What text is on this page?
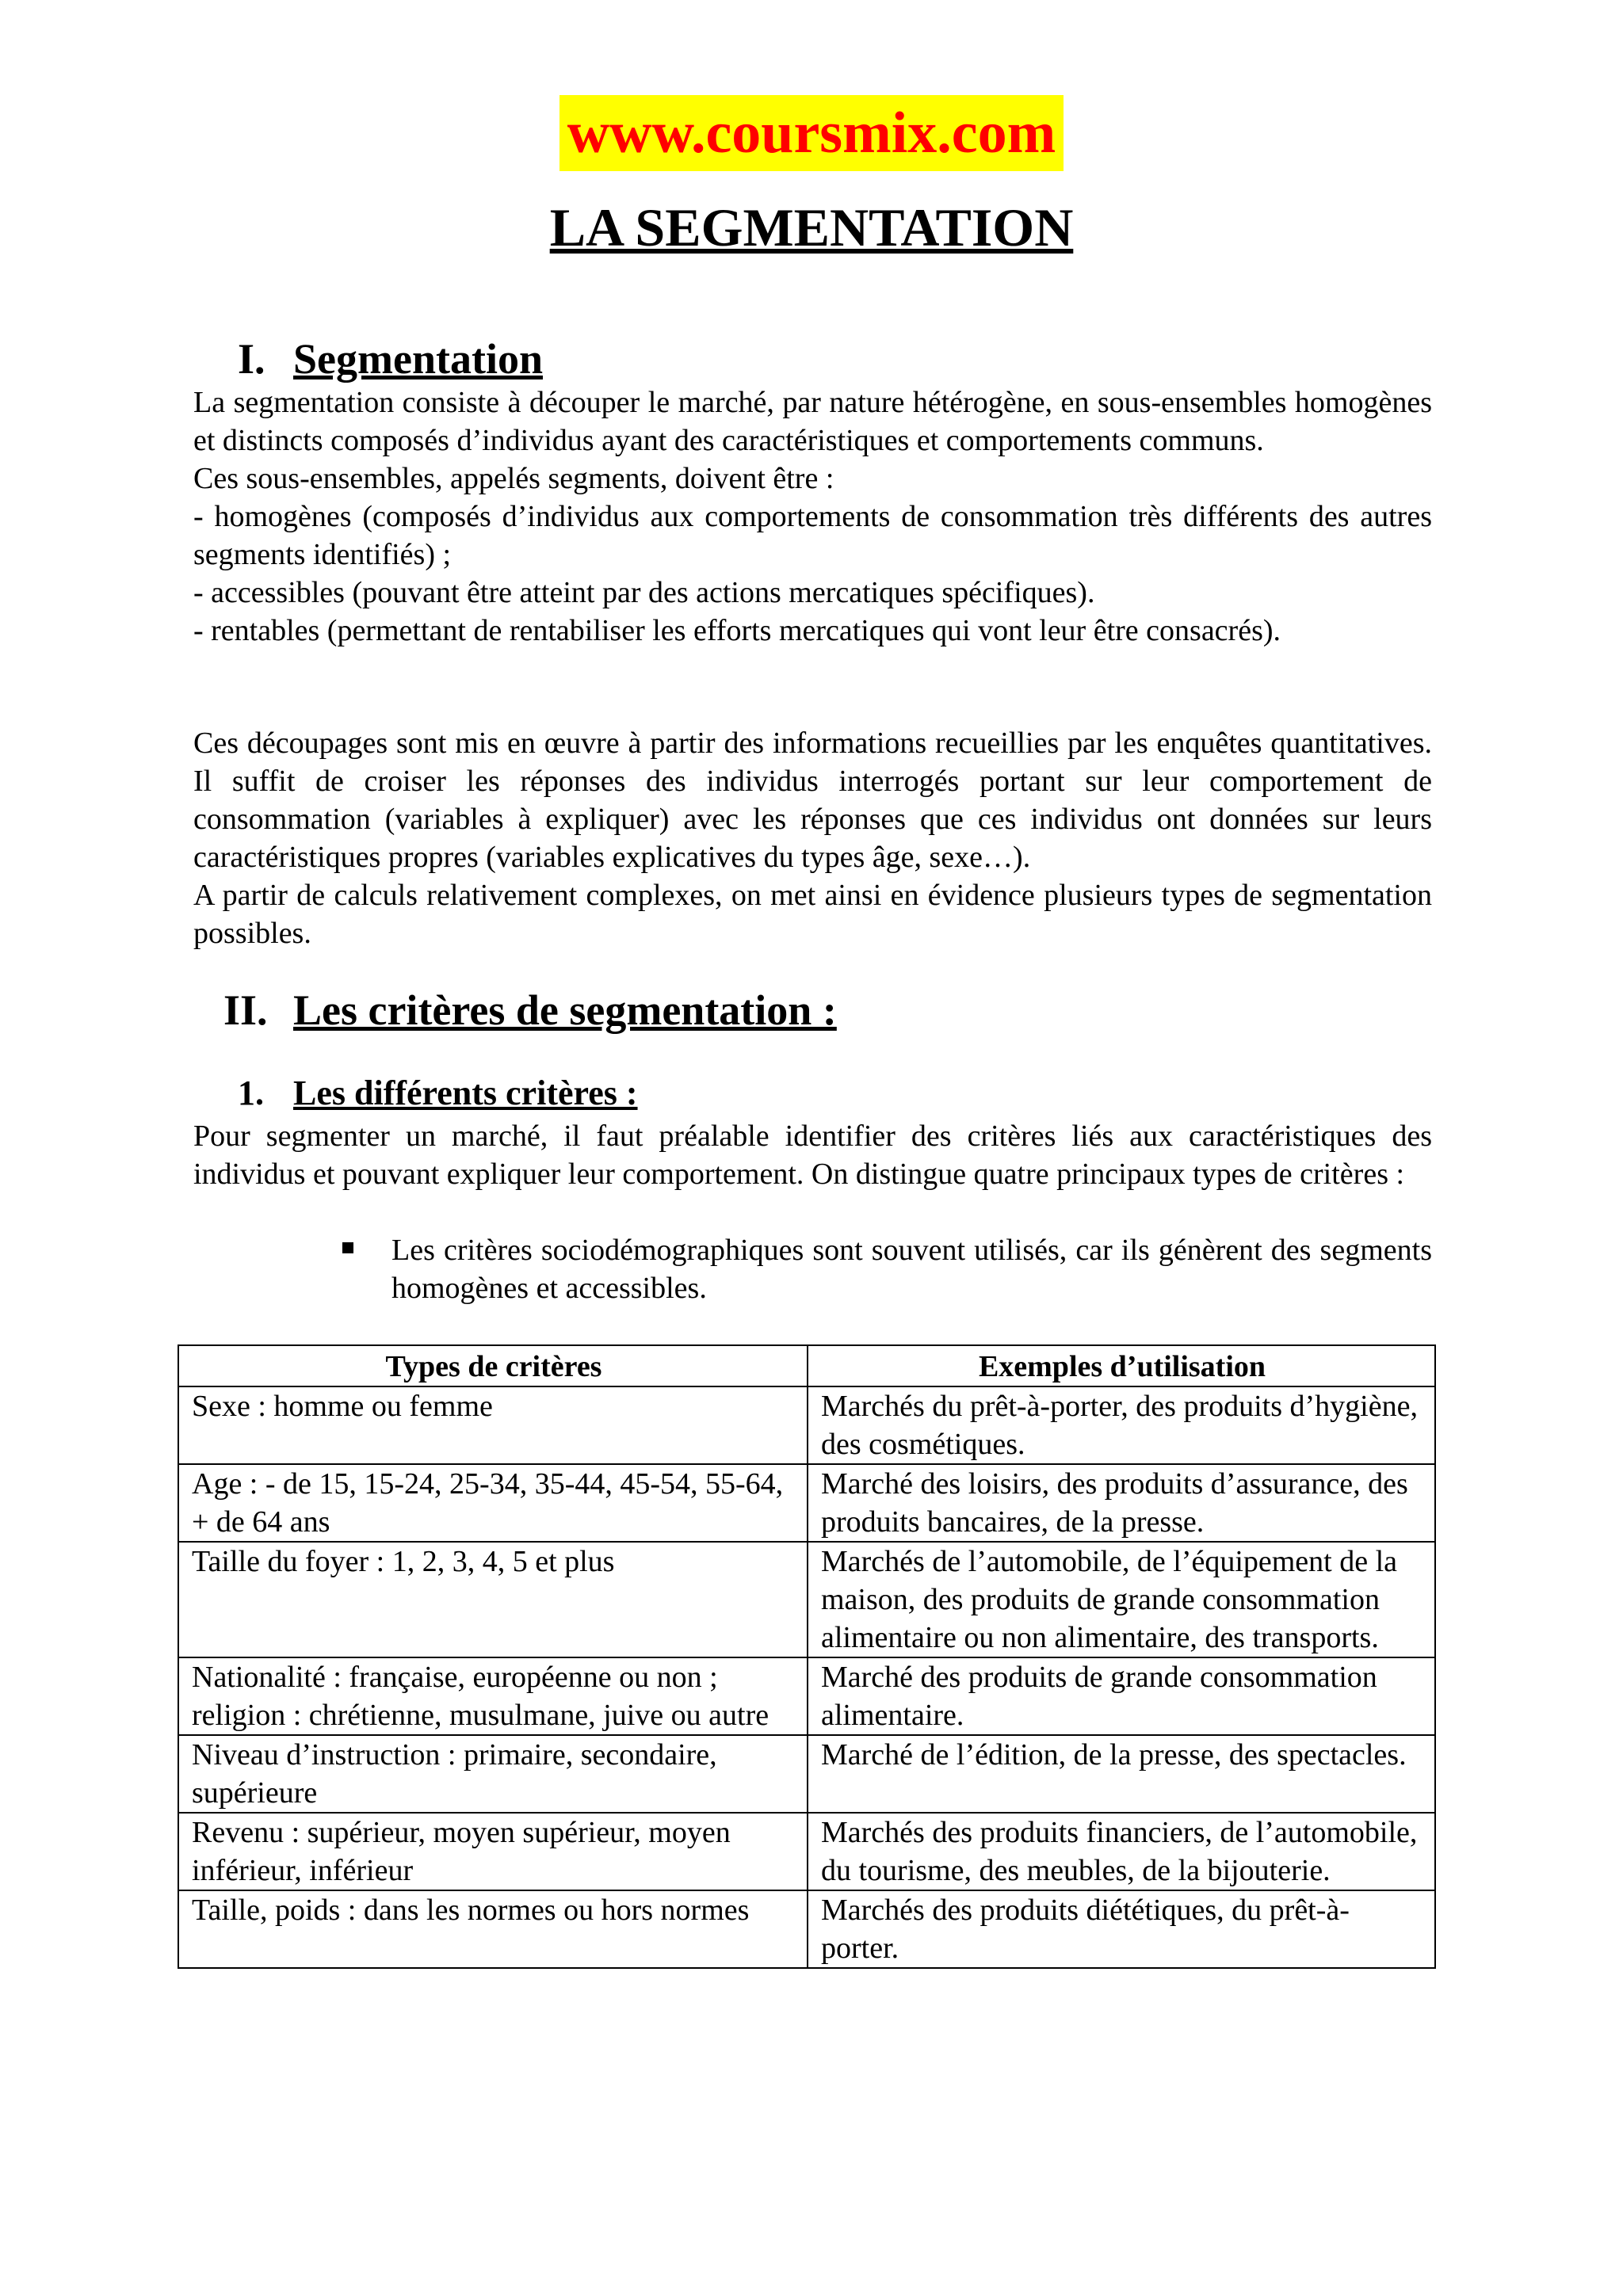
www.coursmix.com
LA SEGMENTATION
I. Segmentation

La segmentation consiste à découper le marché, par nature hétérogène, en sous-ensembles homogènes et distincts composés d’individus ayant des caractéristiques et comportements communs.

Ces sous-ensembles, appelés segments, doivent être :

- homogènes (composés d’individus aux comportements de consommation très différents des autres segments identifiés) ;

- accessibles (pouvant être atteint par des actions mercatiques spécifiques).

- rentables (permettant de rentabiliser les efforts mercatiques qui vont leur être consacrés).

Ces découpages sont mis en œuvre à partir des informations recueillies par les enquêtes quantitatives. Il suffit de croiser les réponses des individus interrogés portant sur leur comportement de consommation (variables à expliquer) avec les réponses que ces individus ont données sur leurs caractéristiques propres (variables explicatives du types âge, sexe…).

A partir de calculs relativement complexes, on met ainsi en évidence plusieurs types de segmentation possibles.

II. Les critères de segmentation :
1. Les différents critères :

Pour segmenter un marché, il faut préalable identifier des critères liés aux caractéristiques des individus et pouvant expliquer leur comportement. On distingue quatre principaux types de critères :

Les critères sociodémographiques sont souvent utilisés, car ils génèrent des segments homogènes et accessibles.
Types de critères	Exemples d’utilisation
Sexe : homme ou femme	Marchés du prêt-à-porter, des produits d’hygiène, des cosmétiques.
Age : - de 15, 15-24, 25-34, 35-44, 45-54, 55-64, + de 64 ans	Marché des loisirs, des produits d’assurance, des produits bancaires, de la presse.
Taille du foyer : 1, 2, 3, 4, 5 et plus	Marchés de l’automobile, de l’équipement de la maison, des produits de grande consommation alimentaire ou non alimentaire, des transports.
Nationalité : française, européenne ou non ; religion : chrétienne, musulmane, juive ou autre	Marché des produits de grande consommation alimentaire.
Niveau d’instruction : primaire, secondaire, supérieure	Marché de l’édition, de la presse, des spectacles.
Revenu : supérieur, moyen supérieur, moyen inférieur, inférieur	Marchés des produits financiers, de l’automobile, du tourisme, des meubles, de la bijouterie.
Taille, poids : dans les normes ou hors normes	Marchés des produits diététiques, du prêt-à-porter.
